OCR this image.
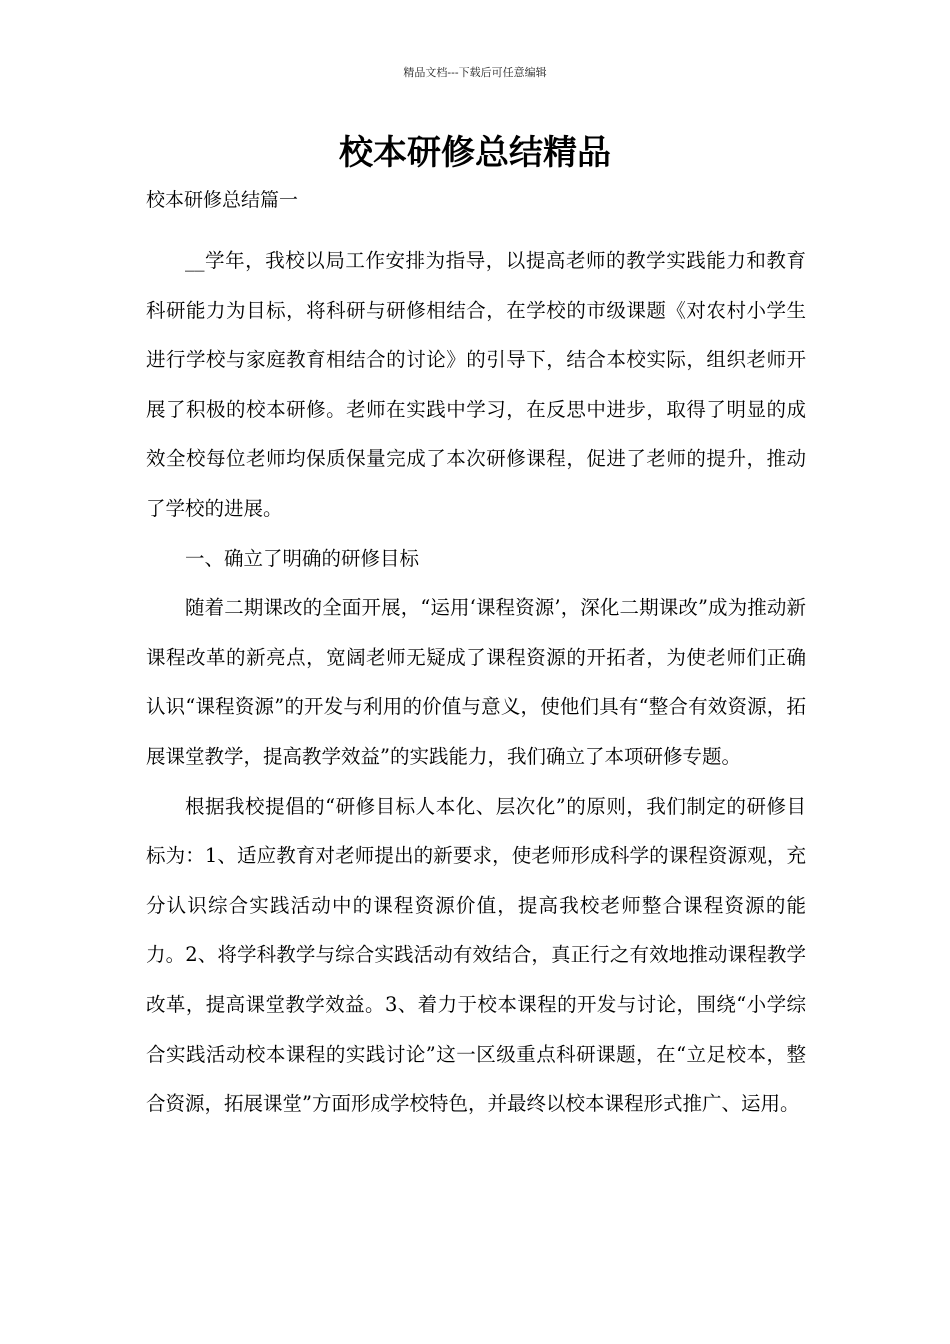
精品文档---下载后可任意编辑
校本研修总结精品
校本研修总结篇一

__学年，我校以局工作安排为指导，以提高老师的教学实践能力和教育科研能力为目标，将科研与研修相结合，在学校的市级课题《对农村小学生进行学校与家庭教育相结合的讨论》的引导下，结合本校实际，组织老师开展了积极的校本研修。老师在实践中学习，在反思中进步，取得了明显的成效全校每位老师均保质保量完成了本次研修课程，促进了老师的提升，推动了学校的进展。

一、确立了明确的研修目标

随着二期课改的全面开展，“运用‘课程资源’，深化二期课改”成为推动新课程改革的新亮点，宽阔老师无疑成了课程资源的开拓者，为使老师们正确认识“课程资源”的开发与利用的价值与意义，使他们具有“整合有效资源，拓展课堂教学，提高教学效益”的实践能力，我们确立了本项研修专题。

根据我校提倡的“研修目标人本化、层次化”的原则，我们制定的研修目标为：1、适应教育对老师提出的新要求，使老师形成科学的课程资源观，充分认识综合实践活动中的课程资源价值，提高我校老师整合课程资源的能力。2、将学科教学与综合实践活动有效结合，真正行之有效地推动课程教学改革，提高课堂教学效益。3、着力于校本课程的开发与讨论，围绕“小学综合实践活动校本课程的实践讨论”这一区级重点科研课题，在“立足校本，整合资源，拓展课堂”方面形成学校特色，并最终以校本课程形式推广、运用。
